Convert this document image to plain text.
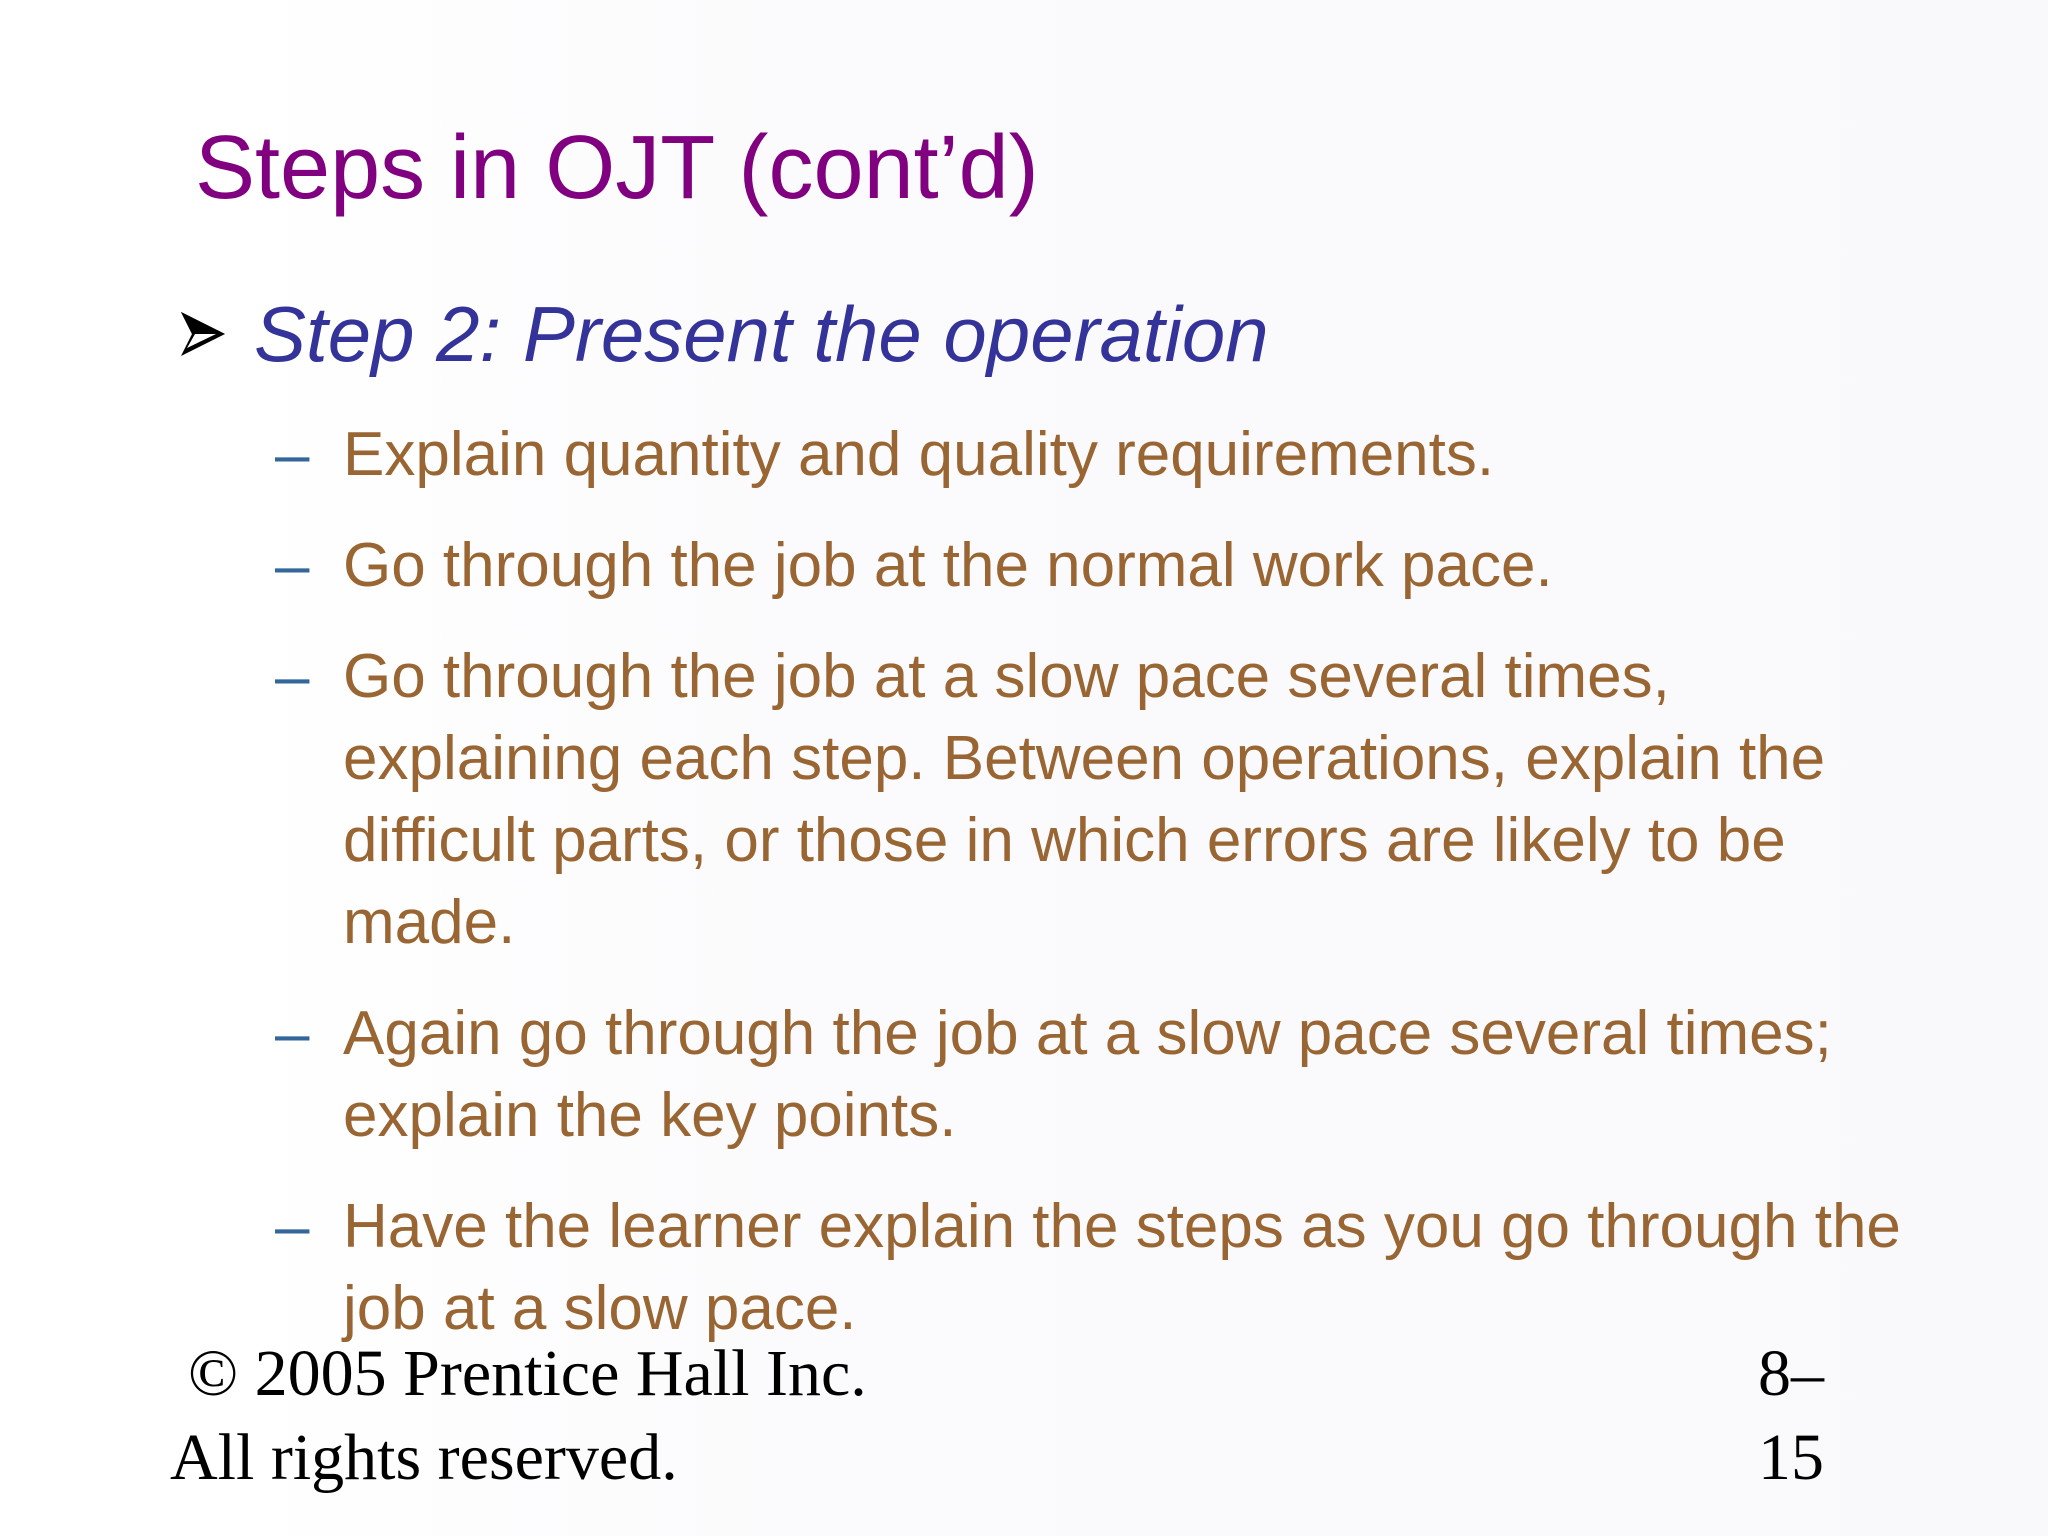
Steps in OJT (cont’d)
Step 2: Present the operation
– Explain quantity and quality requirements.
– Go through the job at the normal work pace.
– Go through the job at a slow pace several times, explaining each step. Between operations, explain the difficult parts, or those in which errors are likely to be made.
– Again go through the job at a slow pace several times; explain the key points.
– Have the learner explain the steps as you go through the job at a slow pace.
© 2005 Prentice Hall Inc.
All rights reserved.
8–
15
